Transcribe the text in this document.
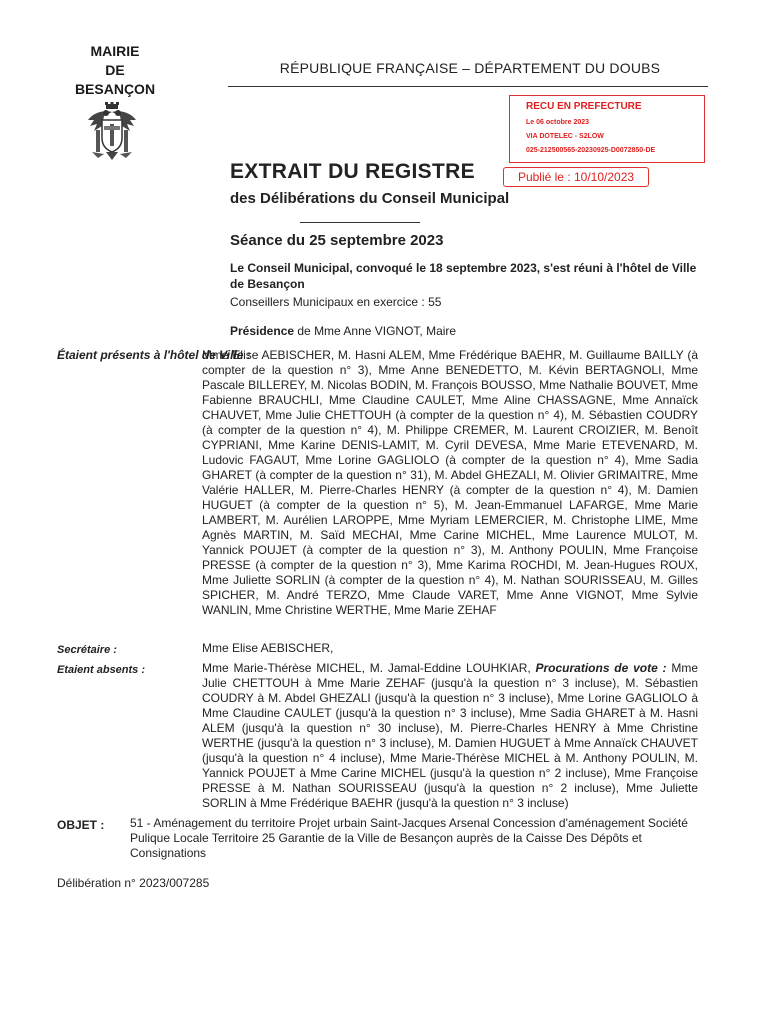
MAIRIE
DE
BESANÇON
RÉPUBLIQUE FRANÇAISE – DÉPARTEMENT DU DOUBS
RECU EN PREFECTURE
Le 06 octobre 2023
VIA DOTELEC - S2LOW
025-212500565-20230925-D0072850-DE
Publié le : 10/10/2023
EXTRAIT DU REGISTRE
des Délibérations du Conseil Municipal
Séance du 25 septembre 2023
Le Conseil Municipal, convoqué le 18 septembre 2023, s'est réuni à l'hôtel de Ville de Besançon
Conseillers Municipaux en exercice : 55
Présidence de Mme Anne VIGNOT, Maire
Étaient présents à l'hôtel de Ville :
Mme Elise AEBISCHER, M. Hasni ALEM, Mme Frédérique BAEHR, M. Guillaume BAILLY (à compter de la question n° 3), Mme Anne BENEDETTO, M. Kévin BERTAGNOLI, Mme Pascale BILLEREY, M. Nicolas BODIN, M. François BOUSSO, Mme Nathalie BOUVET, Mme Fabienne BRAUCHLI, Mme Claudine CAULET, Mme Aline CHASSAGNE, Mme Annaïck CHAUVET, Mme Julie CHETTOUH (à compter de la question n° 4), M. Sébastien COUDRY (à compter de la question n° 4), M. Philippe CREMER, M. Laurent CROIZIER, M. Benoît CYPRIANI, Mme Karine DENIS-LAMIT, M. Cyril DEVESA, Mme Marie ETEVENARD, M. Ludovic FAGAUT, Mme Lorine GAGLIOLO (à compter de la question n° 4), Mme Sadia GHARET (à compter de la question n° 31), M. Abdel GHEZALI, M. Olivier GRIMAITRE, Mme Valérie HALLER, M. Pierre-Charles HENRY (à compter de la question n° 4), M. Damien HUGUET (à compter de la question n° 5), M. Jean-Emmanuel LAFARGE, Mme Marie LAMBERT, M. Aurélien LAROPPE, Mme Myriam LEMERCIER, M. Christophe LIME, Mme Agnès MARTIN, M. Saïd MECHAI, Mme Carine MICHEL, Mme Laurence MULOT, M. Yannick POUJET (à compter de la question n° 3), M. Anthony POULIN, Mme Françoise PRESSE (à compter de la question n° 3), Mme Karima ROCHDI, M. Jean-Hugues ROUX, Mme Juliette SORLIN (à compter de la question n° 4), M. Nathan SOURISSEAU, M. Gilles SPICHER, M. André TERZO, Mme Claude VARET, Mme Anne VIGNOT, Mme Sylvie WANLIN, Mme Christine WERTHE, Mme Marie ZEHAF
Secrétaire :	Mme Elise AEBISCHER,
Etaient absents :	Mme Marie-Thérèse MICHEL, M. Jamal-Eddine LOUHKIAR, Procurations de vote : Mme Julie CHETTOUH à Mme Marie ZEHAF (jusqu'à la question n° 3 incluse), M. Sébastien COUDRY à M. Abdel GHEZALI (jusqu'à la question n° 3 incluse), Mme Lorine GAGLIOLO à Mme Claudine CAULET (jusqu'à la question n° 3 incluse), Mme Sadia GHARET à M. Hasni ALEM (jusqu'à la question n° 30 incluse), M. Pierre-Charles HENRY à Mme Christine WERTHE (jusqu'à la question n° 3 incluse), M. Damien HUGUET à Mme Annaïck CHAUVET (jusqu'à la question n° 4 incluse), Mme Marie-Thérèse MICHEL à M. Anthony POULIN, M. Yannick POUJET à Mme Carine MICHEL (jusqu'à la question n° 2 incluse), Mme Françoise PRESSE à M. Nathan SOURISSEAU (jusqu'à la question n° 2 incluse), Mme Juliette SORLIN à Mme Frédérique BAEHR (jusqu'à la question n° 3 incluse)
OBJET : 51 - Aménagement du territoire Projet urbain Saint-Jacques Arsenal Concession d'aménagement Société Pulique Locale Territoire 25 Garantie de la Ville de Besançon auprès de la Caisse Des Dépôts et Consignations
Délibération n° 2023/007285
